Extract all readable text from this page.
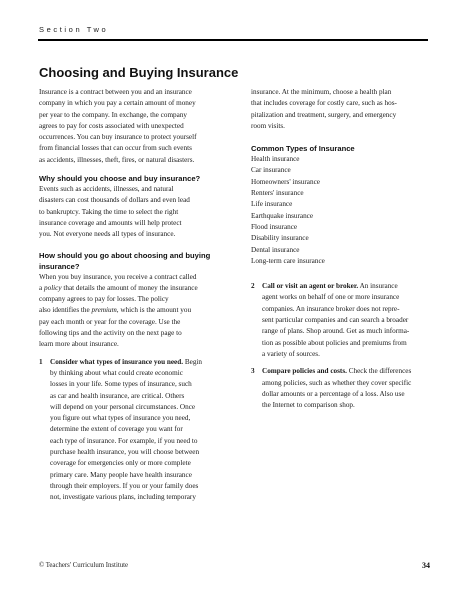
Section Two
Choosing and Buying Insurance
Insurance is a contract between you and an insurance
company in which you pay a certain amount of money
per year to the company. In exchange, the company
agrees to pay for costs associated with unexpected
occurrences. You can buy insurance to protect yourself
from financial losses that can occur from such events
as accidents, illnesses, theft, fires, or natural disasters.
Why should you choose and buy insurance?
Events such as accidents, illnesses, and natural
disasters can cost thousands of dollars and even lead
to bankruptcy. Taking the time to select the right
insurance coverage and amounts will help protect
you. Not everyone needs all types of insurance.
How should you go about choosing and buying
insurance?
When you buy insurance, you receive a contract called
a policy that details the amount of money the insurance
company agrees to pay for losses. The policy
also identifies the premium, which is the amount you
pay each month or year for the coverage. Use the
following tips and the activity on the next page to
learn more about insurance.
1 Consider what types of insurance you need. Begin
by thinking about what could create economic
losses in your life. Some types of insurance, such
as car and health insurance, are critical. Others
will depend on your personal circumstances. Once
you figure out what types of insurance you need,
determine the extent of coverage you want for
each type of insurance. For example, if you need to
purchase health insurance, you will choose between
coverage for emergencies only or more complete
primary care. Many people have health insurance
through their employers. If you or your family does
not, investigate various plans, including temporary
insurance. At the minimum, choose a health plan
that includes coverage for costly care, such as hos-
pitalization and treatment, surgery, and emergency
room visits.
Common Types of Insurance
Health insurance
Car insurance
Homeowners' insurance
Renters' insurance
Life insurance
Earthquake insurance
Flood insurance
Disability insurance
Dental insurance
Long-term care insurance
2 Call or visit an agent or broker. An insurance
agent works on behalf of one or more insurance
companies. An insurance broker does not repre-
sent particular companies and can search a broader
range of plans. Shop around. Get as much informa-
tion as possible about policies and premiums from
a variety of sources.
3 Compare policies and costs. Check the differences
among policies, such as whether they cover specific
dollar amounts or a percentage of a loss. Also use
the Internet to comparison shop.
© Teachers' Curriculum Institute	34
